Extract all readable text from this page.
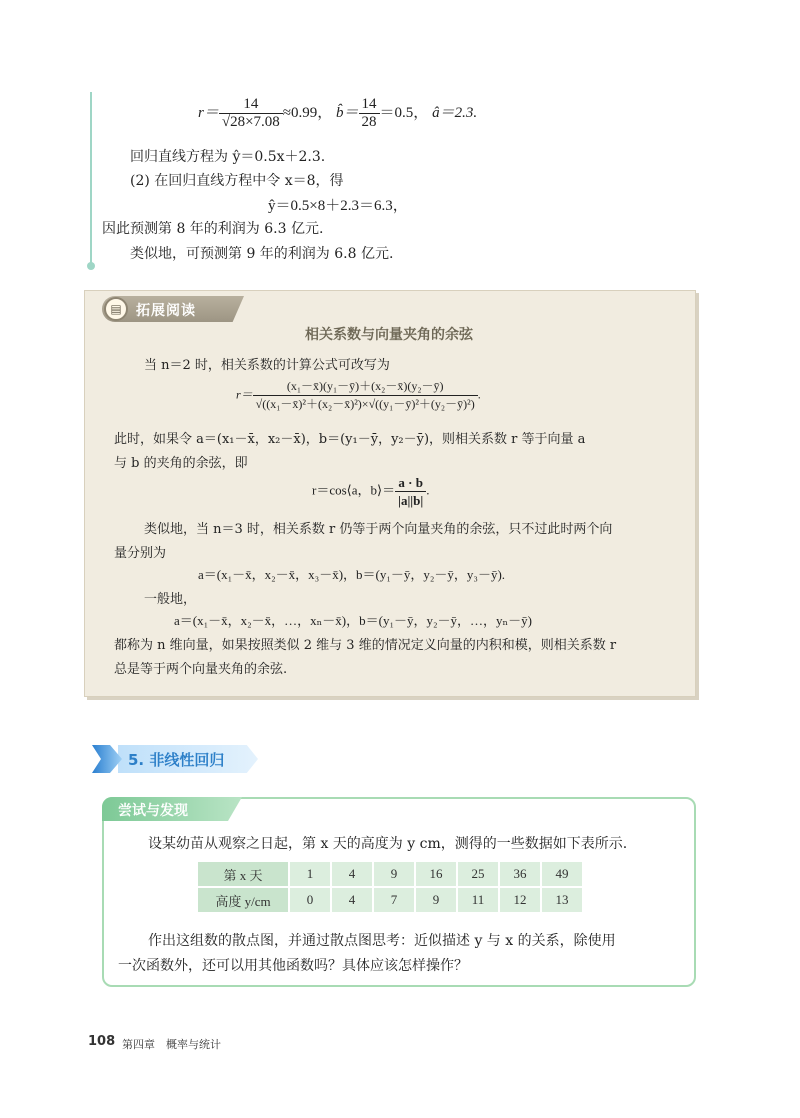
$r= \frac{14}{√28\times 7.08} \approx 0.99$， b̂＝ $\frac{14}{28} =0.5$， â＝2.3.
回归直线方程为 ŷ＝0.5x＋2.3.
(2) 在回归直线方程中令 x＝8，得
ŷ＝0.5×8＋2.3＝6.3，
因此预测第 8 年的利润为 6.3 亿元.
类似地，可预测第 9 年的利润为 6.8 亿元.
▤	拓展阅读
相关系数与向量夹角的余弦
当 n＝2 时，相关系数的计算公式可改写为
$r= \frac{\text{(x₁－x̄)(y₁－ȳ)＋(x₂－x̄)(y₂－ȳ)}}{\text{√((x₁－x̄)²＋(x₂－x̄)²)×√((y₁－ȳ)²＋(y₂－ȳ)²)}}$ .
此时，如果令 a＝(x₁－x̄，x₂－x̄)，b＝(y₁－ȳ，y₂－ȳ)，则相关系数 r 等于向量 a
与 b 的夹角的余弦，即
r＝cos⟨a，b⟩＝ $\frac{a \cdot b}{|a||b|}$ .
类似地，当 n＝3 时，相关系数 r 仍等于两个向量夹角的余弦，只不过此时两个向
量分别为
a＝(x₁－x̄，x₂－x̄，x₃－x̄)，b＝(y₁－ȳ，y₂－ȳ，y₃－ȳ).
一般地，
a＝(x₁－x̄，x₂－x̄，…，xₙ－x̄)，b＝(y₁－ȳ，y₂－ȳ，…，yₙ－ȳ)
都称为 n 维向量，如果按照类似 2 维与 3 维的情况定义向量的内积和模，则相关系数 r
总是等于两个向量夹角的余弦.
5. 非线性回归
尝试与发现
设某幼苗从观察之日起，第 x 天的高度为 y cm，测得的一些数据如下表所示.
第 x 天	1	4	9	16	25	36	49
高度 y/cm	0	4	7	9	11	12	13
作出这组数的散点图，并通过散点图思考：近似描述 y 与 x 的关系，除使用
一次函数外，还可以用其他函数吗？具体应该怎样操作？
108 第四章　概率与统计
